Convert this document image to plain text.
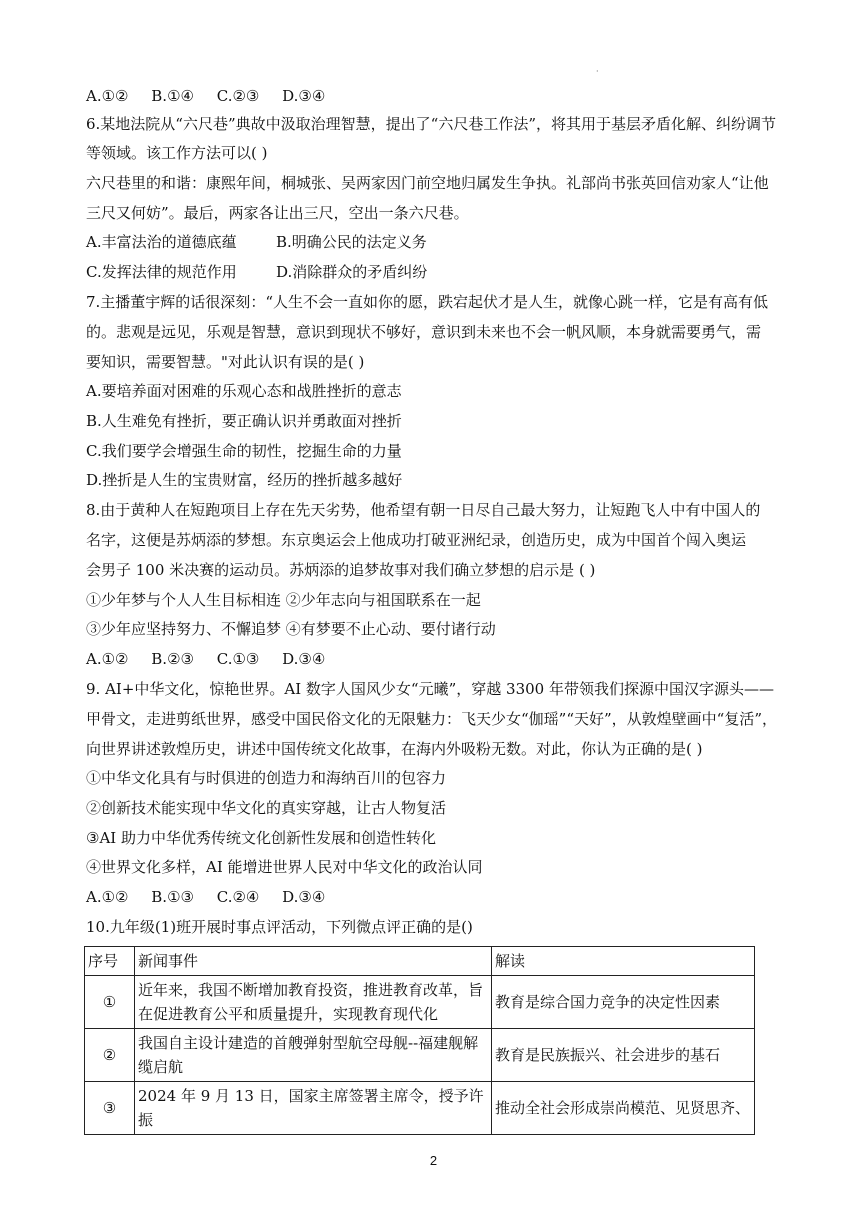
·
A.①② B.①④ C.②③ D.③④
6.某地法院从“六尺巷”典故中汲取治理智慧，提出了“六尺巷工作法”，将其用于基层矛盾化解、纠纷调节
等领域。该工作方法可以( )
六尺巷里的和谐：康熙年间，桐城张、吴两家因门前空地归属发生争执。礼部尚书张英回信劝家人“让他
三尺又何妨”。最后，两家各让出三尺，空出一条六尺巷。
A.丰富法治的道德底蕴	B.明确公民的法定义务
C.发挥法律的规范作用	D.消除群众的矛盾纠纷
7.主播董宇辉的话很深刻：“人生不会一直如你的愿，跌宕起伏才是人生，就像心跳一样，它是有高有低
的。悲观是远见，乐观是智慧，意识到现状不够好，意识到未来也不会一帆风顺，本身就需要勇气，需
要知识，需要智慧。"对此认识有误的是( )
A.要培养面对困难的乐观心态和战胜挫折的意志
B.人生难免有挫折，要正确认识并勇敢面对挫折
C.我们要学会增强生命的韧性，挖掘生命的力量
D.挫折是人生的宝贵财富，经历的挫折越多越好
8.由于黄种人在短跑项目上存在先天劣势，他希望有朝一日尽自己最大努力，让短跑飞人中有中国人的
名字，这便是苏炳添的梦想。东京奥运会上他成功打破亚洲纪录，创造历史，成为中国首个闯入奥运
会男子 100 米决赛的运动员。苏炳添的追梦故事对我们确立梦想的启示是 ( )
①少年梦与个人人生目标相连 ②少年志向与祖国联系在一起
③少年应坚持努力、不懈追梦 ④有梦要不止心动、要付诸行动
A.①② B.②③ C.①③ D.③④
9. AI+中华文化，惊艳世界。AI 数字人国风少女“元曦”，穿越 3300 年带领我们探源中国汉字源头——
甲骨文，走进剪纸世界，感受中国民俗文化的无限魅力：飞天少女“伽瑶”“天好”，从敦煌壁画中“复活”，
向世界讲述敦煌历史，讲述中国传统文化故事，在海内外吸粉无数。对此，你认为正确的是( )
①中华文化具有与时俱进的创造力和海纳百川的包容力
②创新技术能实现中华文化的真实穿越，让古人物复活
③AI 助力中华优秀传统文化创新性发展和创造性转化
④世界文化多样，AI 能增进世界人民对中华文化的政治认同
A.①② B.①③ C.②④ D.③④
10.九年级(1)班开展时事点评活动，下列微点评正确的是()
序号	新闻事件	解读
①	近年来，我国不断增加教育投资，推进教育改革，旨
在促进教育公平和质量提升，实现教育现代化	教育是综合国力竞争的决定性因素
②	我国自主设计建造的首艘弹射型航空母舰--福建舰解
缆启航	教育是民族振兴、社会进步的基石
③	2024 年 9 月 13 日，国家主席签署主席令，授予许振	推动全社会形成崇尚模范、见贤思齐、
2
